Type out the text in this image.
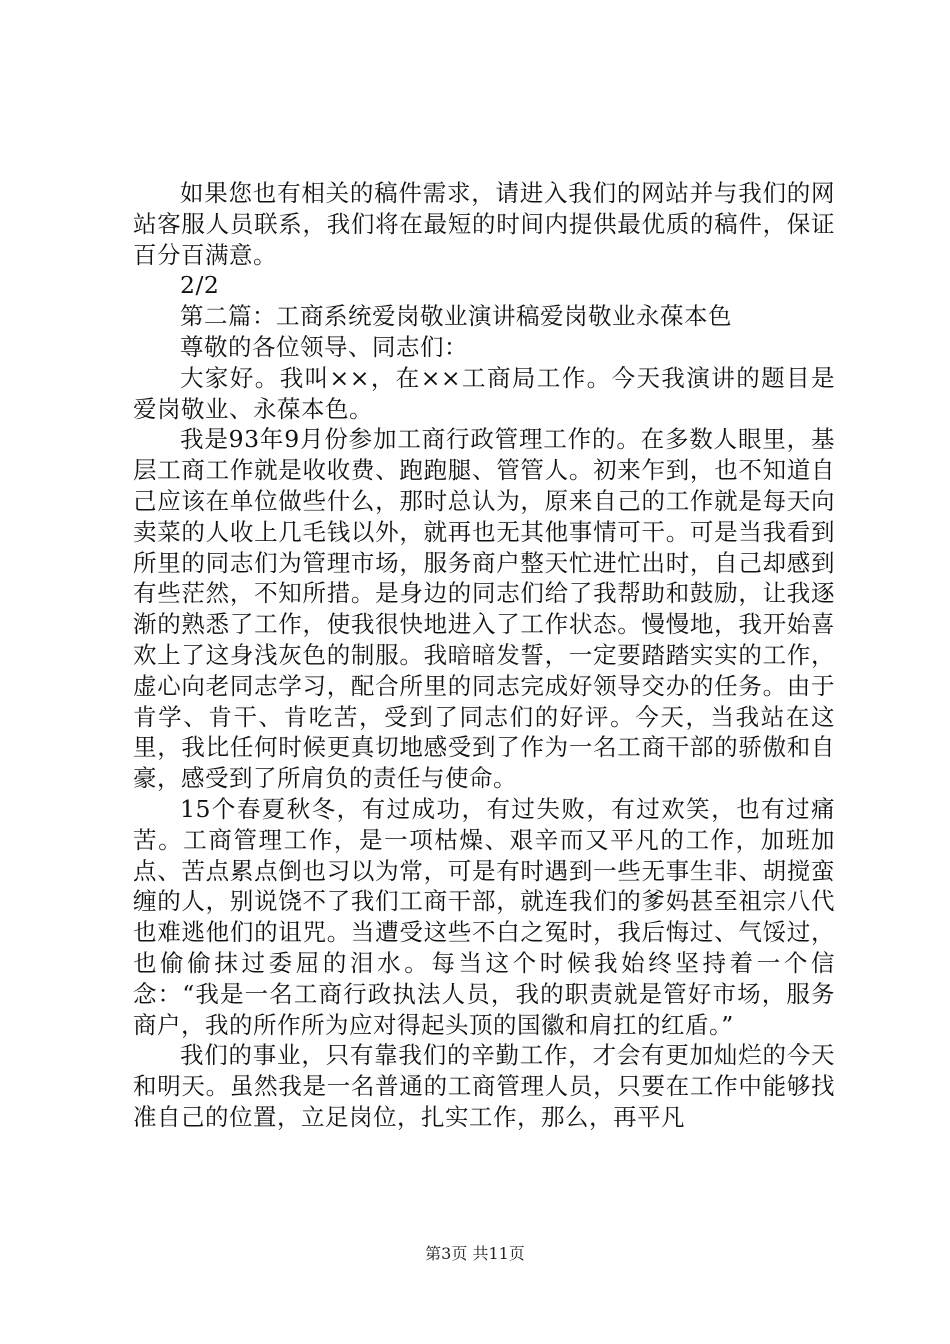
如果您也有相关的稿件需求，请进入我们的网站并与我们的网站客服人员联系，我们将在最短的时间内提供最优质的稿件，保证百分百满意。

2/2

第二篇：工商系统爱岗敬业演讲稿爱岗敬业永葆本色

尊敬的各位领导、同志们：

大家好。我叫××，在××工商局工作。今天我演讲的题目是爱岗敬业、永葆本色。

我是93年9月份参加工商行政管理工作的。在多数人眼里，基层工商工作就是收收费、跑跑腿、管管人。初来乍到，也不知道自己应该在单位做些什么，那时总认为，原来自己的工作就是每天向卖菜的人收上几毛钱以外，就再也无其他事情可干。可是当我看到所里的同志们为管理市场，服务商户整天忙进忙出时，自己却感到有些茫然，不知所措。是身边的同志们给了我帮助和鼓励，让我逐渐的熟悉了工作，使我很快地进入了工作状态。慢慢地，我开始喜欢上了这身浅灰色的制服。我暗暗发誓，一定要踏踏实实的工作，虚心向老同志学习，配合所里的同志完成好领导交办的任务。由于肯学、肯干、肯吃苦，受到了同志们的好评。今天，当我站在这里，我比任何时候更真切地感受到了作为一名工商干部的骄傲和自豪，感受到了所肩负的责任与使命。

15个春夏秋冬，有过成功，有过失败，有过欢笑，也有过痛苦。工商管理工作，是一项枯燥、艰辛而又平凡的工作，加班加点、苦点累点倒也习以为常，可是有时遇到一些无事生非、胡搅蛮缠的人，别说饶不了我们工商干部，就连我们的爹妈甚至祖宗八代也难逃他们的诅咒。当遭受这些不白之冤时，我后悔过、气馁过，也偷偷抹过委屈的泪水。每当这个时候我始终坚持着一个信念：“我是一名工商行政执法人员，我的职责就是管好市场，服务商户，我的所作所为应对得起头顶的国徽和肩扛的红盾。”

我们的事业，只有靠我们的辛勤工作，才会有更加灿烂的今天和明天。虽然我是一名普通的工商管理人员，只要在工作中能够找准自己的位置，立足岗位，扎实工作，那么，再平凡

第3页 共11页
